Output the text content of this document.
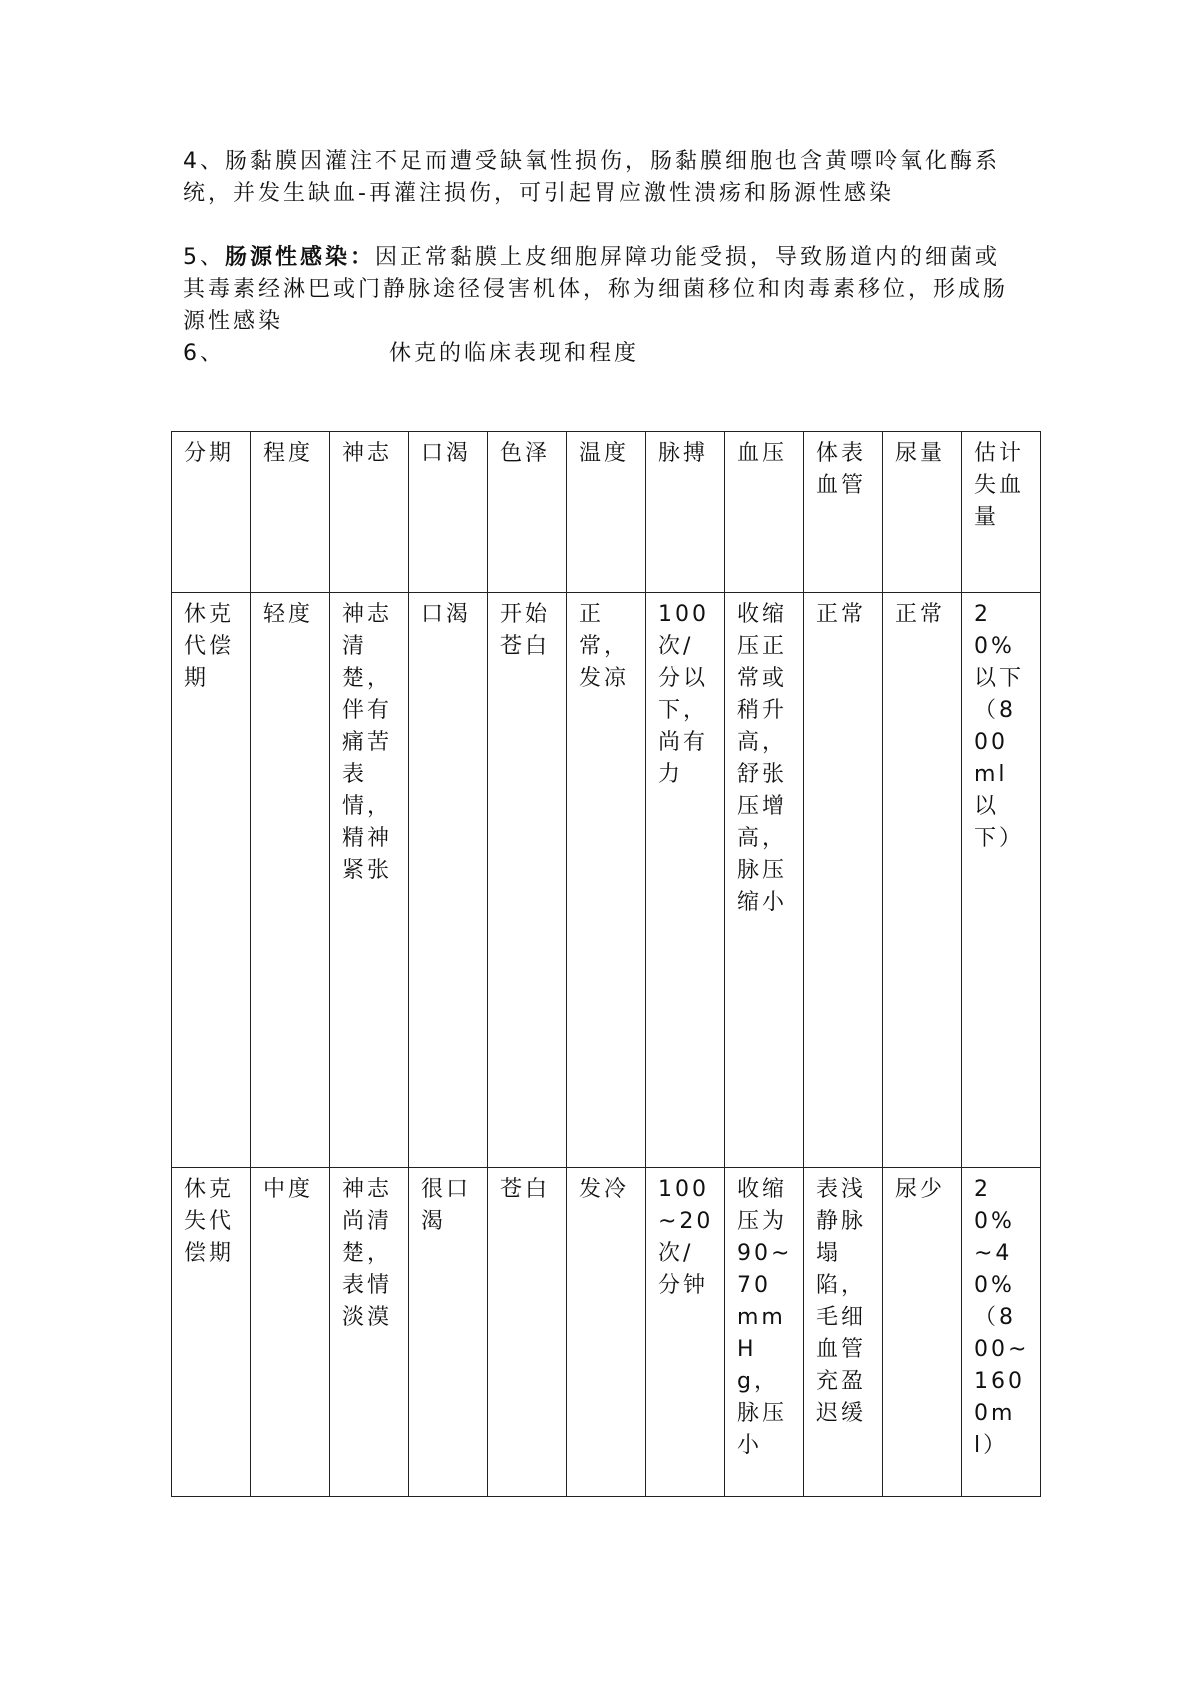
4、肠黏膜因灌注不足而遭受缺氧性损伤，肠黏膜细胞也含黄嘌呤氧化酶系统，并发生缺血-再灌注损伤，可引起胃应激性溃疡和肠源性感染

5、肠源性感染：因正常黏膜上皮细胞屏障功能受损，导致肠道内的细菌或其毒素经淋巴或门静脉途径侵害机体，称为细菌移位和肉毒素移位，形成肠源性感染

6、	休克的临床表现和程度

分期	程度	神志	口渴	色泽	温度	脉搏	血压	体表血管	尿量	估计失血量
休克代偿期	轻度	神志清楚，伴有痛苦表情，精神紧张	口渴	开始苍白	正常，发凉	100次/分以下，尚有力	收缩压正常或稍升高，舒张压增高，脉压缩小	正常	正常	20%以下（800ml以下）
休克失代偿期	中度	神志尚清楚，表情淡漠	很口渴	苍白	发冷	100~20次/分钟	收缩压为90~70mmHg，脉压小	表浅静脉塌陷，毛细血管充盈迟缓	尿少	20%~40%（800~1600ml）
